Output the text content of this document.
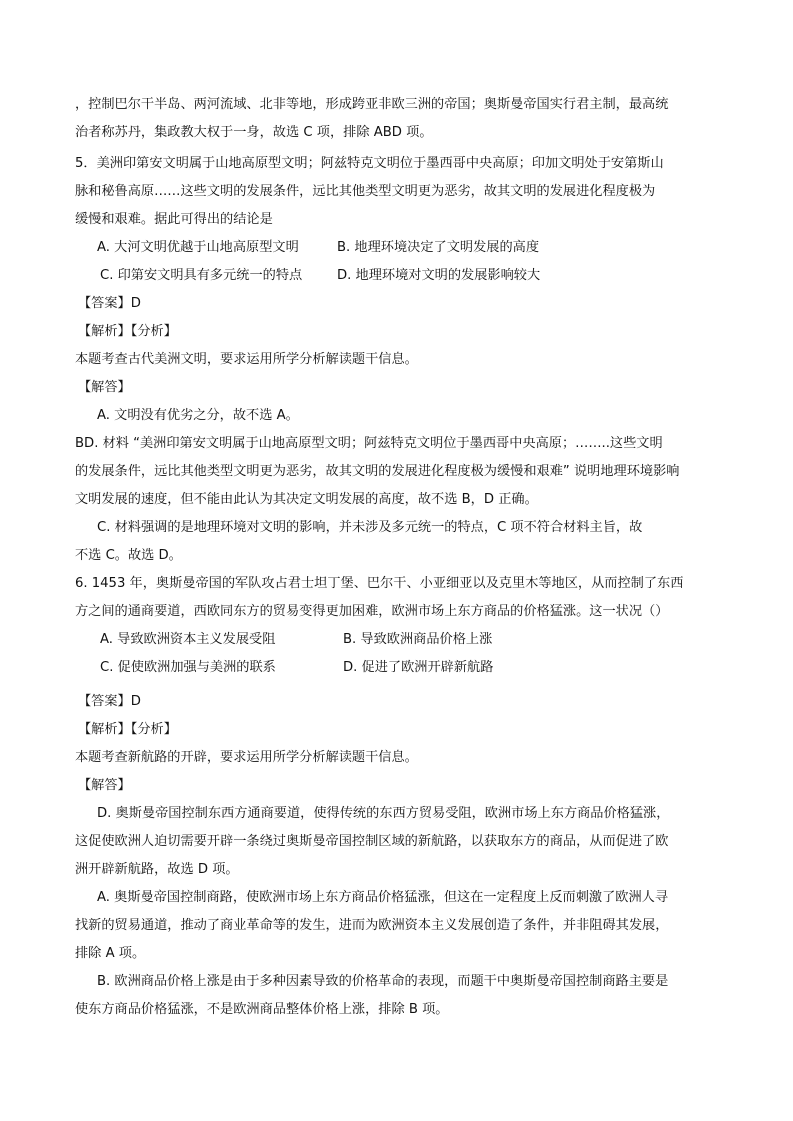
，控制巴尔干半岛、两河流域、北非等地，形成跨亚非欧三洲的帝国；奥斯曼帝国实行君主制，最高统
治者称苏丹，集政教大权于一身，故选 C 项，排除 ABD 项。
5．美洲印第安文明属于山地高原型文明；阿兹特克文明位于墨西哥中央高原；印加文明处于安第斯山
脉和秘鲁高原……这些文明的发展条件，远比其他类型文明更为恶劣，故其文明的发展进化程度极为
缓慢和艰难。据此可得出的结论是
A. 大河文明优越于山地高原型文明	B. 地理环境决定了文明发展的高度
C. 印第安文明具有多元统一的特点	D. 地理环境对文明的发展影响较大
【答案】D
【解析】【分析】
本题考查古代美洲文明，要求运用所学分析解读题干信息。
【解答】
A. 文明没有优劣之分，故不选 A。
BD. 材料 “美洲印第安文明属于山地高原型文明；阿兹特克文明位于墨西哥中央高原；……..这些文明
的发展条件，远比其他类型文明更为恶劣，故其文明的发展进化程度极为缓慢和艰难” 说明地理环境影响
文明发展的速度，但不能由此认为其决定文明发展的高度，故不选 B，D 正确。
C. 材料强调的是地理环境对文明的影响，并未涉及多元统一的特点，C 项不符合材料主旨，故
不选 C。故选 D。
6. 1453 年，奥斯曼帝国的军队攻占君士坦丁堡、巴尔干、小亚细亚以及克里木等地区，从而控制了东西
方之间的通商要道，西欧同东方的贸易变得更加困难，欧洲市场上东方商品的价格猛涨。这一状况（）
A. 导致欧洲资本主义发展受阻	B. 导致欧洲商品价格上涨
C. 促使欧洲加强与美洲的联系	D. 促进了欧洲开辟新航路
【答案】D
【解析】【分析】
本题考查新航路的开辟，要求运用所学分析解读题干信息。
【解答】
D. 奥斯曼帝国控制东西方通商要道，使得传统的东西方贸易受阻，欧洲市场上东方商品价格猛涨，
这促使欧洲人迫切需要开辟一条绕过奥斯曼帝国控制区域的新航路，以获取东方的商品，从而促进了欧
洲开辟新航路，故选 D 项。
A. 奥斯曼帝国控制商路，使欧洲市场上东方商品价格猛涨，但这在一定程度上反而刺激了欧洲人寻
找新的贸易通道，推动了商业革命等的发生，进而为欧洲资本主义发展创造了条件，并非阻碍其发展，
排除 A 项。
B. 欧洲商品价格上涨是由于多种因素导致的价格革命的表现，而题干中奥斯曼帝国控制商路主要是
使东方商品价格猛涨，不是欧洲商品整体价格上涨，排除 B 项。
